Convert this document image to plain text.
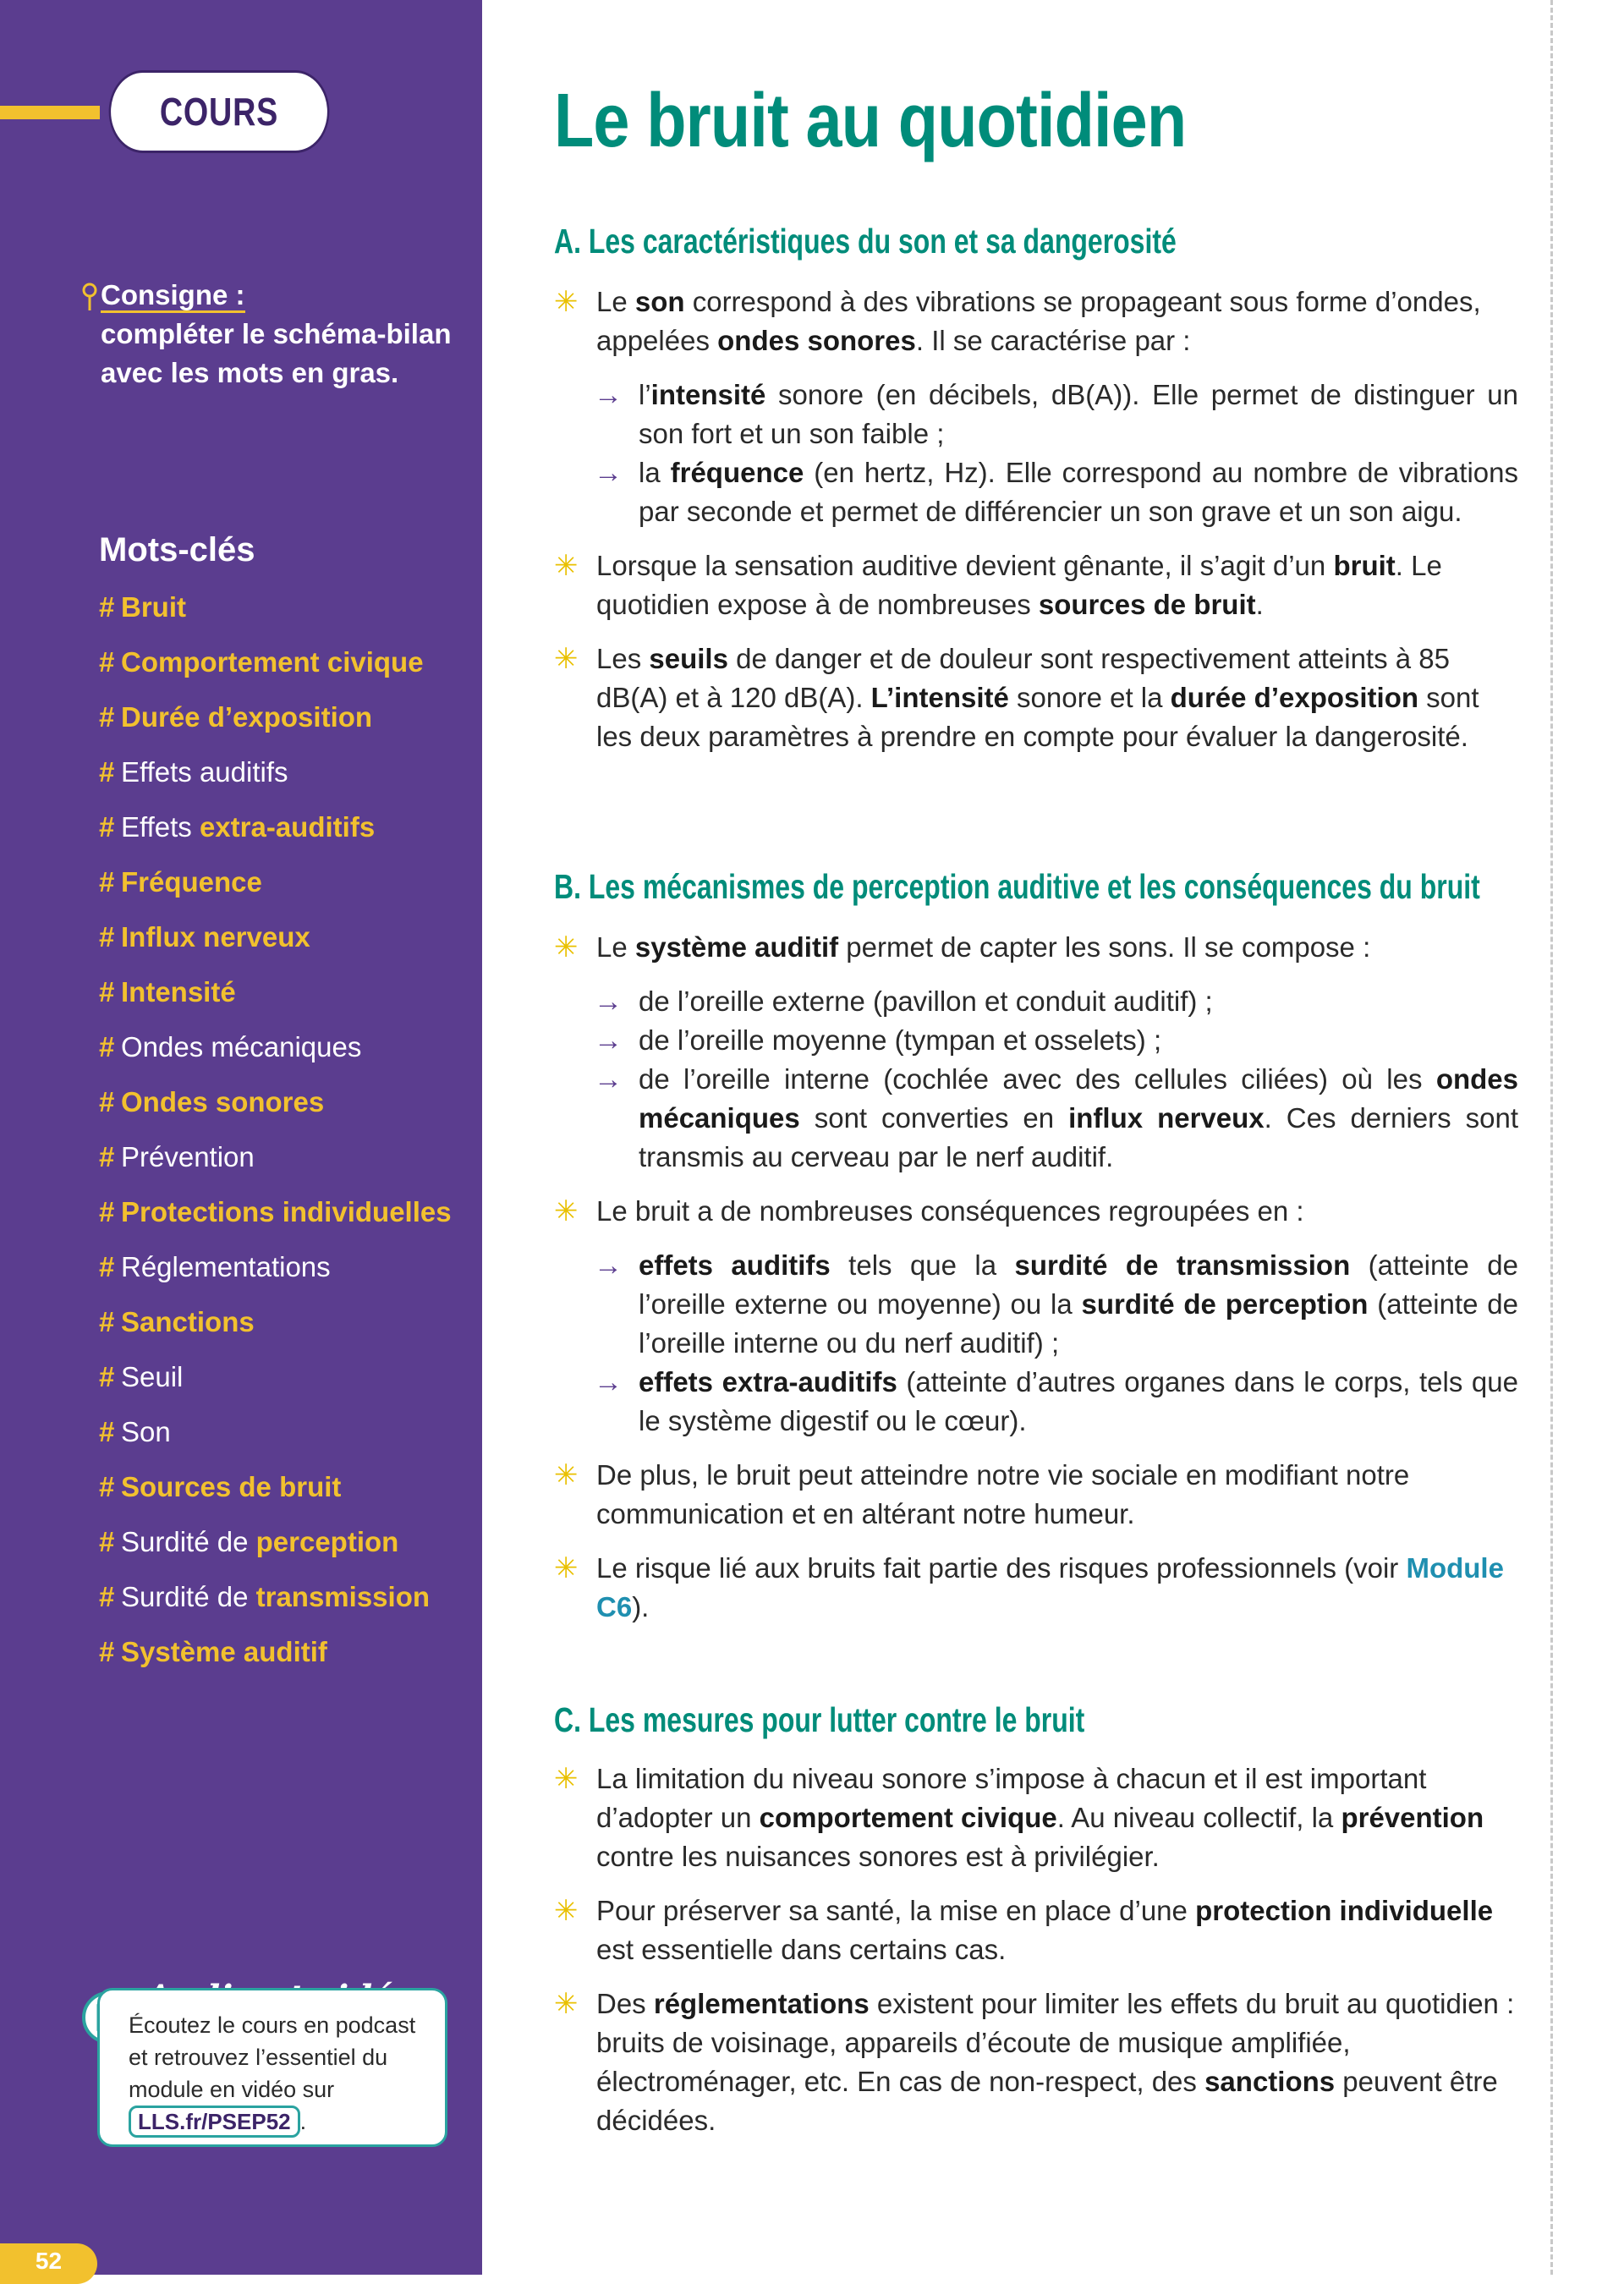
COURS
Consigne :
compléter le schéma-bilan avec les mots en gras.
Mots-clés
# Bruit
# Comportement civique
# Durée d’exposition
# Effets auditifs
# Effets extra-auditifs
# Fréquence
# Influx nerveux
# Intensité
# Ondes mécaniques
# Ondes sonores
# Prévention
# Protections individuelles
# Réglementations
# Sanctions
# Seuil
# Son
# Sources de bruit
# Surdité de perception
# Surdité de transmission
# Système auditif
Écoutez le cours en podcast et retrouvez l’essentiel du module en vidéo sur LLS.fr/PSEP52 .
52
Le bruit au quotidien
A. Les caractéristiques du son et sa dangerosité

✳ Le son correspond à des vibrations se propageant sous forme d’ondes, appelées ondes sonores. Il se caractérise par :

→ l’intensité sonore (en décibels, dB(A)). Elle permet de distinguer un son fort et un son faible ;

→ la fréquence (en hertz, Hz). Elle correspond au nombre de vibrations par seconde et permet de différencier un son grave et un son aigu.

✳ Lorsque la sensation auditive devient gênante, il s’agit d’un bruit. Le quotidien expose à de nombreuses sources de bruit.

✳ Les seuils de danger et de douleur sont respectivement atteints à 85 dB(A) et à 120 dB(A). L’intensité sonore et la durée d’exposition sont les deux paramètres à prendre en compte pour évaluer la dangerosité.

B. Les mécanismes de perception auditive et les conséquences du bruit

✳ Le système auditif permet de capter les sons. Il se compose :

→ de l’oreille externe (pavillon et conduit auditif) ;

→ de l’oreille moyenne (tympan et osselets) ;

→ de l’oreille interne (cochlée avec des cellules ciliées) où les ondes mécaniques sont converties en influx nerveux. Ces derniers sont transmis au cerveau par le nerf auditif.

✳ Le bruit a de nombreuses conséquences regroupées en :

→ effets auditifs tels que la surdité de transmission (atteinte de l’oreille externe ou moyenne) ou la surdité de perception (atteinte de l’oreille interne ou du nerf auditif) ;

→ effets extra-auditifs (atteinte d’autres organes dans le corps, tels que le système digestif ou le cœur).

✳ De plus, le bruit peut atteindre notre vie sociale en modifiant notre communication et en altérant notre humeur.

✳ Le risque lié aux bruits fait partie des risques professionnels (voir Module C6).

C. Les mesures pour lutter contre le bruit

✳ La limitation du niveau sonore s’impose à chacun et il est important d’adopter un comportement civique. Au niveau collectif, la prévention contre les nuisances sonores est à privilégier.

✳ Pour préserver sa santé, la mise en place d’une protection individuelle est essentielle dans certains cas.

✳ Des réglementations existent pour limiter les effets du bruit au quotidien : bruits de voisinage, appareils d’écoute de musique amplifiée, électroménager, etc. En cas de non-respect, des sanctions peuvent être décidées.
